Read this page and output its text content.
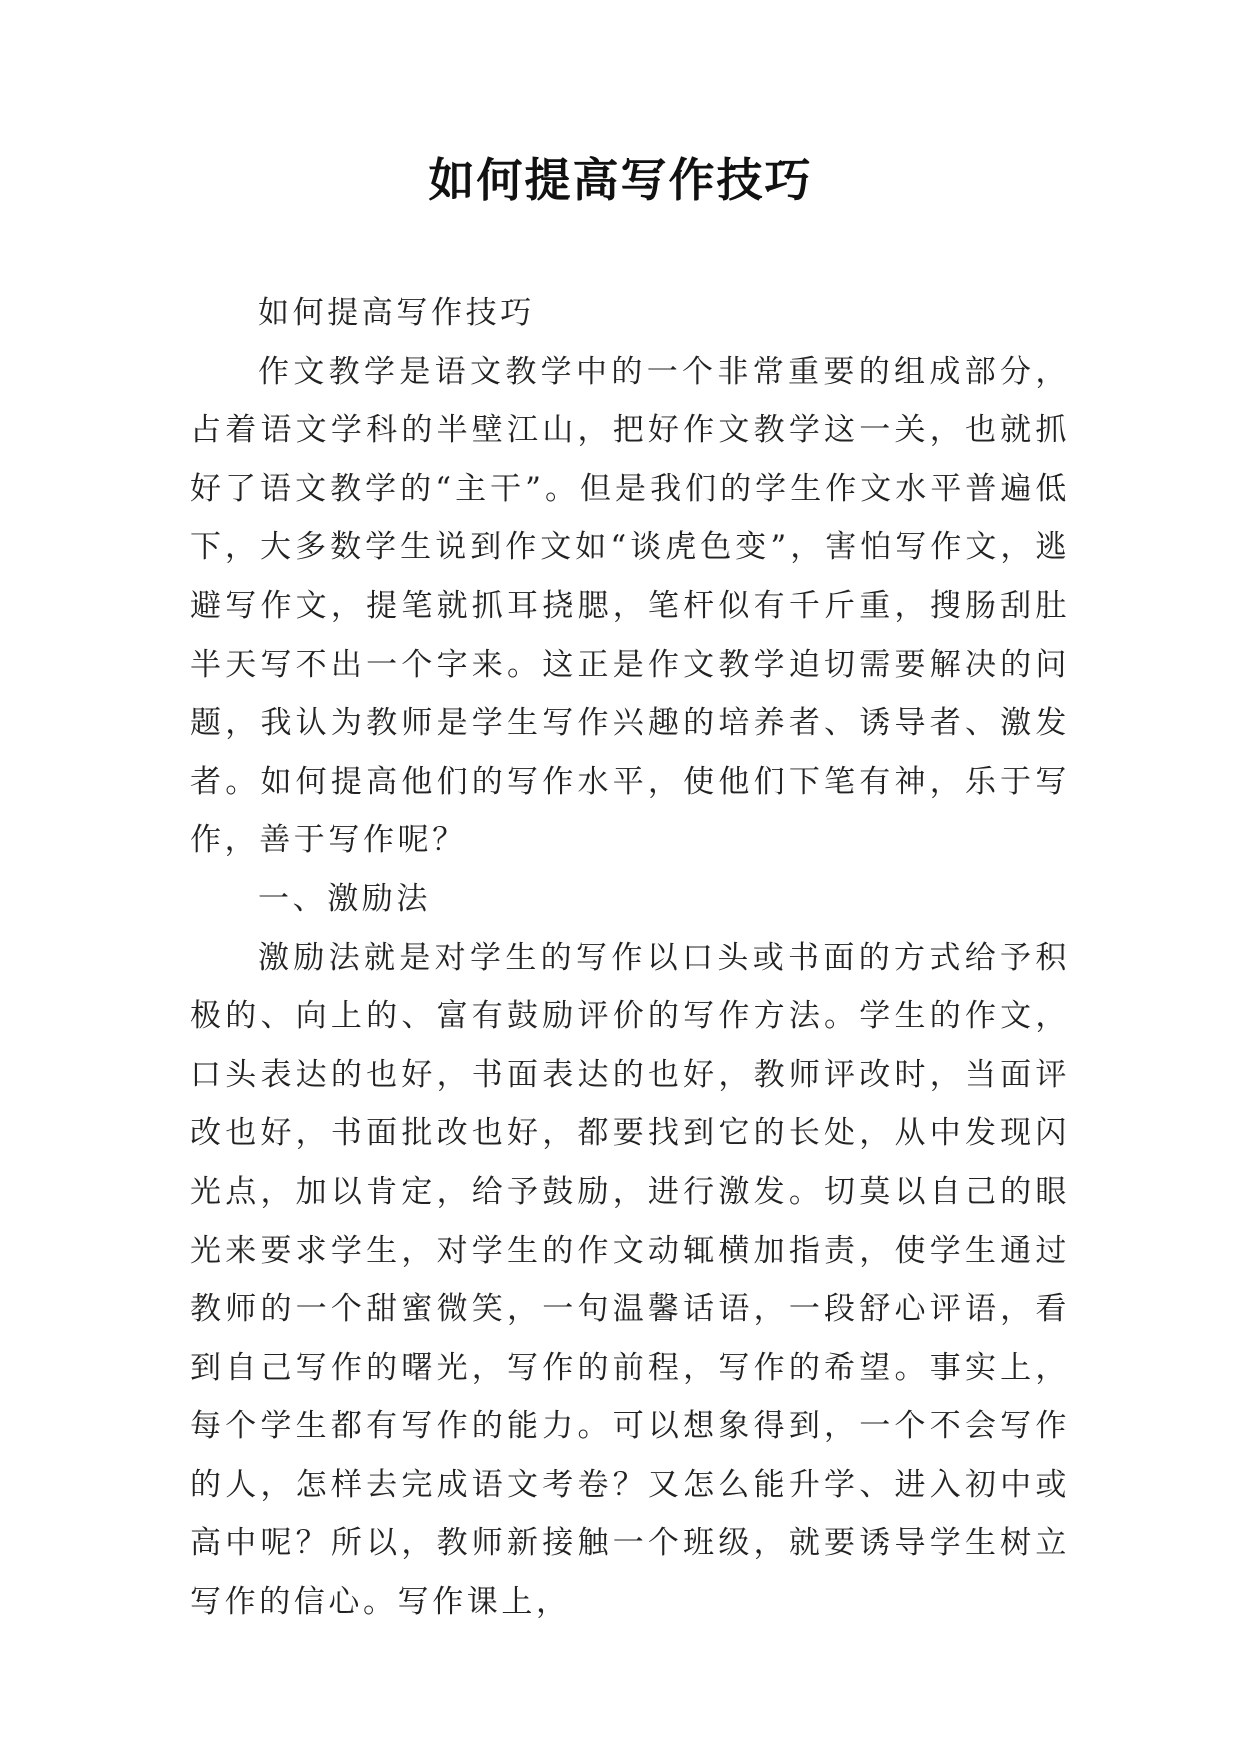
如何提高写作技巧

如何提高写作技巧

作文教学是语文教学中的一个非常重要的组成部分，占着语文学科的半壁江山，把好作文教学这一关，也就抓好了语文教学的“主干”。但是我们的学生作文水平普遍低下，大多数学生说到作文如“谈虎色变”，害怕写作文，逃避写作文，提笔就抓耳挠腮，笔杆似有千斤重，搜肠刮肚半天写不出一个字来。这正是作文教学迫切需要解决的问题，我认为教师是学生写作兴趣的培养者、诱导者、激发者。如何提高他们的写作水平，使他们下笔有神，乐于写作，善于写作呢？

一、激励法

激励法就是对学生的写作以口头或书面的方式给予积极的、向上的、富有鼓励评价的写作方法。学生的作文，口头表达的也好，书面表达的也好，教师评改时，当面评改也好，书面批改也好，都要找到它的长处，从中发现闪光点，加以肯定，给予鼓励，进行激发。切莫以自己的眼光来要求学生，对学生的作文动辄横加指责，使学生通过教师的一个甜蜜微笑，一句温馨话语，一段舒心评语，看到自己写作的曙光，写作的前程，写作的希望。事实上，每个学生都有写作的能力。可以想象得到，一个不会写作的人，怎样去完成语文考卷？又怎么能升学、进入初中或高中呢？所以，教师新接触一个班级，就要诱导学生树立写作的信心。写作课上，
